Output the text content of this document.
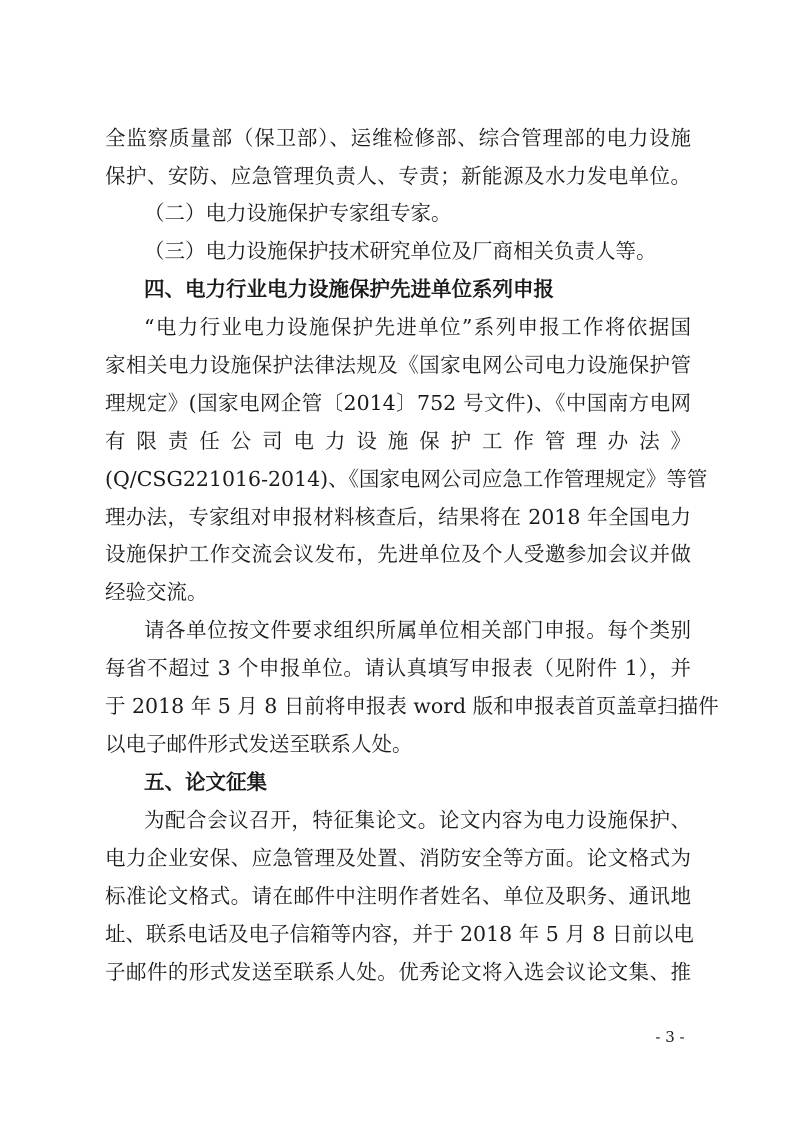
全监察质量部（保卫部）、运维检修部、综合管理部的电力设施
保护、安防、应急管理负责人、专责；新能源及水力发电单位。
（二）电力设施保护专家组专家。
（三）电力设施保护技术研究单位及厂商相关负责人等。
四、电力行业电力设施保护先进单位系列申报
“电力行业电力设施保护先进单位”系列申报工作将依据国
家相关电力设施保护法律法规及《国家电网公司电力设施保护管
理规定》(国家电网企管〔2014〕752 号文件)、《中国南方电网
有限责任公司电力设施保护工作管理办法》
(Q/CSG221016-2014)、《国家电网公司应急工作管理规定》等管
理办法，专家组对申报材料核查后，结果将在 2018 年全国电力
设施保护工作交流会议发布，先进单位及个人受邀参加会议并做
经验交流。
请各单位按文件要求组织所属单位相关部门申报。每个类别
每省不超过 3 个申报单位。请认真填写申报表（见附件 1），并
于 2018 年 5 月 8 日前将申报表 word 版和申报表首页盖章扫描件
以电子邮件形式发送至联系人处。
五、论文征集
为配合会议召开，特征集论文。论文内容为电力设施保护、
电力企业安保、应急管理及处置、消防安全等方面。论文格式为
标准论文格式。请在邮件中注明作者姓名、单位及职务、通讯地
址、联系电话及电子信箱等内容，并于 2018 年 5 月 8 日前以电
子邮件的形式发送至联系人处。优秀论文将入选会议论文集、推
- 3 -
